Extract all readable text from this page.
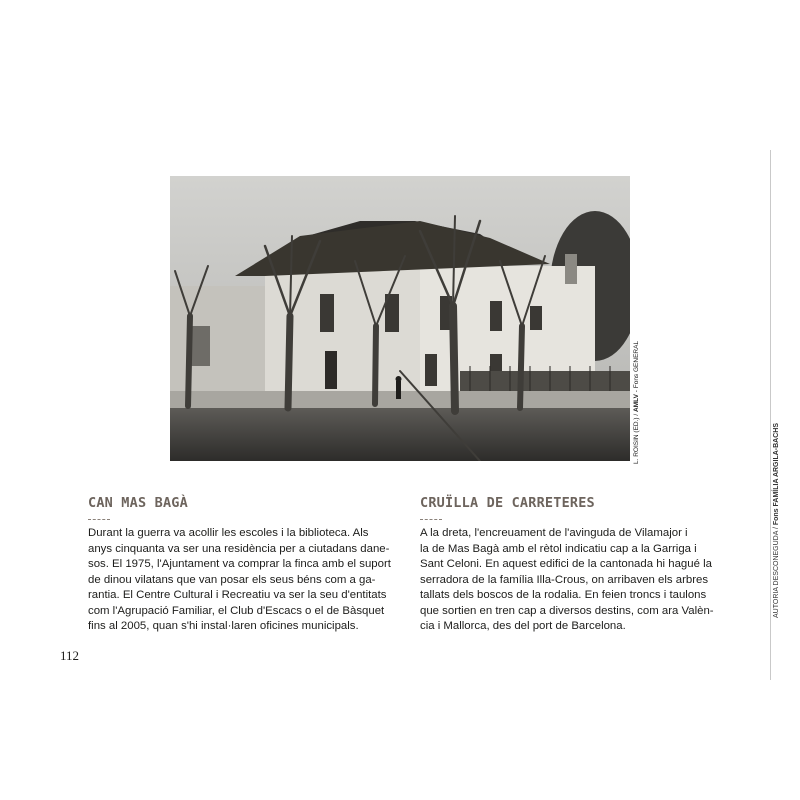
L. ROISIN (ED.) / AMLV - Fons GENERAL
AUTORIA DESCONEGUDA / Fons FAMÍLIA ARGILA-BACHS
CAN MAS BAGÀ
Durant la guerra va acollir les escoles i la biblioteca. Als
anys cinquanta va ser una residència per a ciutadans dane-
sos. El 1975, l'Ajuntament va comprar la finca amb el suport
de dinou vilatans que van posar els seus béns com a ga-
rantia. El Centre Cultural i Recreatiu va ser la seu d'entitats
com l'Agrupació Familiar, el Club d'Escacs o el de Bàsquet
fins al 2005, quan s'hi instal·laren oficines municipals.
CRUÏLLA DE CARRETERES
A la dreta, l'encreuament de l'avinguda de Vilamajor i
la de Mas Bagà amb el rètol indicatiu cap a la Garriga i
Sant Celoni. En aquest edifici de la cantonada hi hagué la
serradora de la família Illa-Crous, on arribaven els arbres
tallats dels boscos de la rodalia. En feien troncs i taulons
que sortien en tren cap a diversos destins, com ara Valèn-
cia i Mallorca, des del port de Barcelona.
112
